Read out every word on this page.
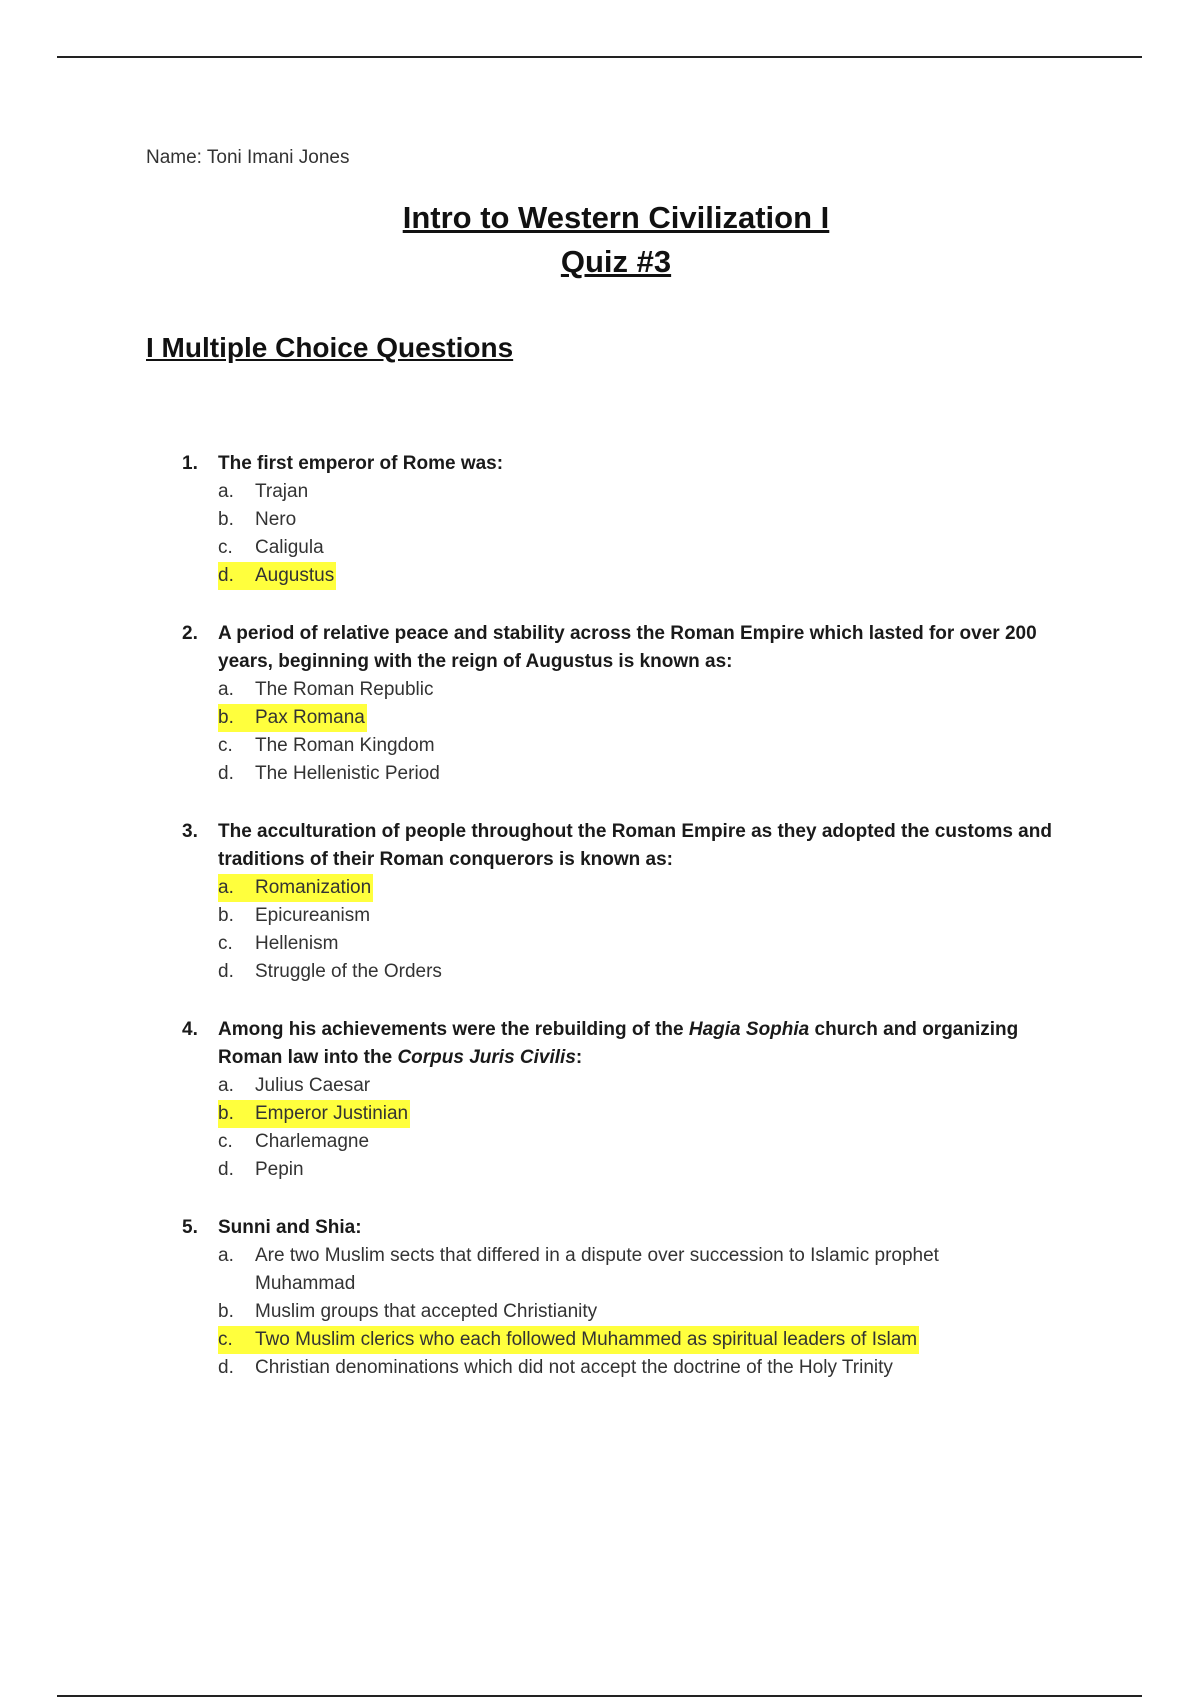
Name: Toni Imani Jones

Intro to Western Civilization I

Quiz #3

I Multiple Choice Questions
1. The first emperor of Rome was:
a. Trajan
b. Nero
c. Caligula
d. Augustus
2. A period of relative peace and stability across the Roman Empire which lasted for over 200 years, beginning with the reign of Augustus is known as:
a. The Roman Republic
b. Pax Romana
c. The Roman Kingdom
d. The Hellenistic Period
3. The acculturation of people throughout the Roman Empire as they adopted the customs and traditions of their Roman conquerors is known as:
a. Romanization
b. Epicureanism
c. Hellenism
d. Struggle of the Orders
4. Among his achievements were the rebuilding of the Hagia Sophia church and organizing Roman law into the Corpus Juris Civilis:
a. Julius Caesar
b. Emperor Justinian
c. Charlemagne
d. Pepin
5. Sunni and Shia:
a. Are two Muslim sects that differed in a dispute over succession to Islamic prophet Muhammad
b. Muslim groups that accepted Christianity
c. Two Muslim clerics who each followed Muhammed as spiritual leaders of Islam
d. Christian denominations which did not accept the doctrine of the Holy Trinity
